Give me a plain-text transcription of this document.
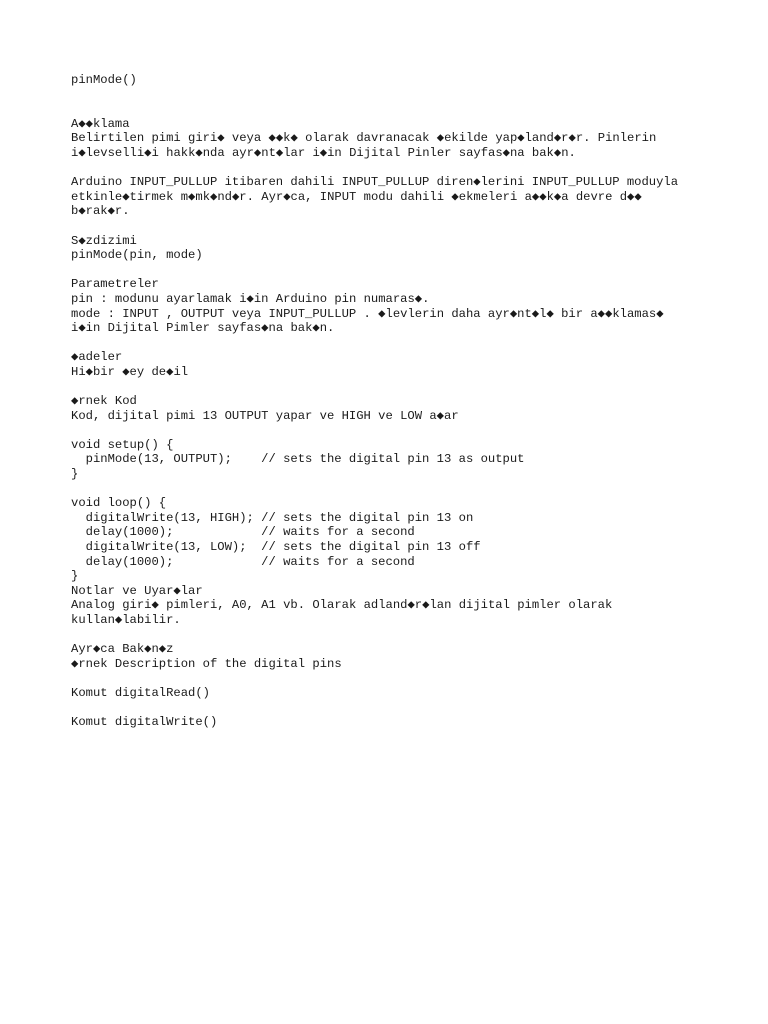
pinMode()
A◆◆klama
Belirtilen pimi giri◆ veya ◆◆k◆ olarak davranacak ◆ekilde yap◆land◆r◆r. Pinlerin
i◆levselli◆i hakk◆nda ayr◆nt◆lar i◆in Dijital Pinler sayfas◆na bak◆n.
Arduino INPUT_PULLUP itibaren dahili INPUT_PULLUP diren◆lerini INPUT_PULLUP moduyla
etkinle◆tirmek m◆mk◆nd◆r. Ayr◆ca, INPUT modu dahili ◆ekmeleri a◆◆k◆a devre d◆◆
b◆rak◆r.
S◆zdizimi
pinMode(pin, mode)
Parametreler
pin : modunu ayarlamak i◆in Arduino pin numaras◆.
mode : INPUT , OUTPUT veya INPUT_PULLUP . ◆levlerin daha ayr◆nt◆l◆ bir a◆◆klamas◆
i◆in Dijital Pimler sayfas◆na bak◆n.
◆adeler
Hi◆bir ◆ey de◆il
◆rnek Kod
Kod, dijital pimi 13 OUTPUT yapar ve HIGH ve LOW a◆ar
void setup() {
pinMode(13, OUTPUT);    // sets the digital pin 13 as output
}
void loop() {
digitalWrite(13, HIGH); // sets the digital pin 13 on
delay(1000);            // waits for a second
digitalWrite(13, LOW);  // sets the digital pin 13 off
delay(1000);            // waits for a second
}
Notlar ve Uyar◆lar
Analog giri◆ pimleri, A0, A1 vb. Olarak adland◆r◆lan dijital pimler olarak
kullan◆labilir.
Ayr◆ca Bak◆n◆z
◆rnek Description of the digital pins
Komut digitalRead()
Komut digitalWrite()
